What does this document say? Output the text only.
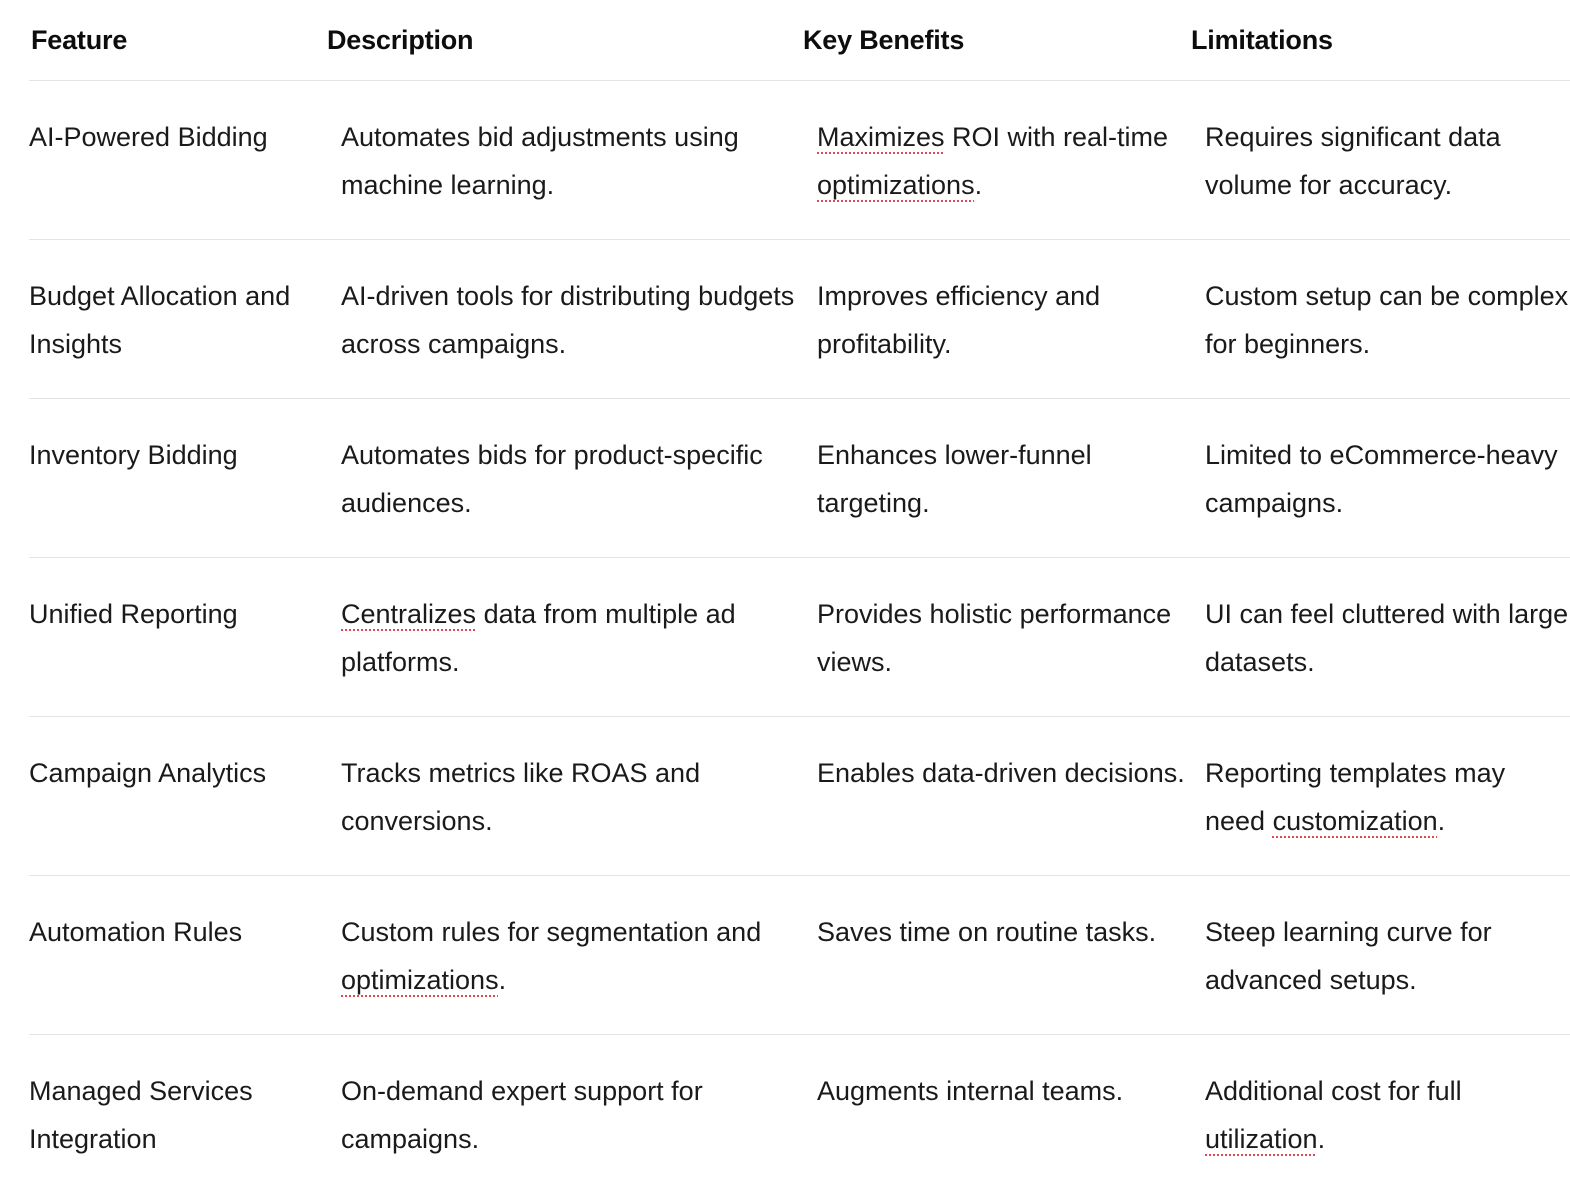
Feature	Description	Key Benefits	Limitations
AI-Powered Bidding	Automates bid adjustments using machine learning.	Maximizes ROI with real-time optimizations.	Requires significant data volume for accuracy.
Budget Allocation and Insights	AI-driven tools for distributing budgets across campaigns.	Improves efficiency and profitability.	Custom setup can be complex for beginners.
Inventory Bidding	Automates bids for product-specific audiences.	Enhances lower-funnel targeting.	Limited to eCommerce-heavy campaigns.
Unified Reporting	Centralizes data from multiple ad platforms.	Provides holistic performance views.	UI can feel cluttered with large datasets.
Campaign Analytics	Tracks metrics like ROAS and conversions.	Enables data-driven decisions.	Reporting templates may need customization.
Automation Rules	Custom rules for segmentation and optimizations.	Saves time on routine tasks.	Steep learning curve for advanced setups.
Managed Services Integration	On-demand expert support for campaigns.	Augments internal teams.	Additional cost for full utilization.
